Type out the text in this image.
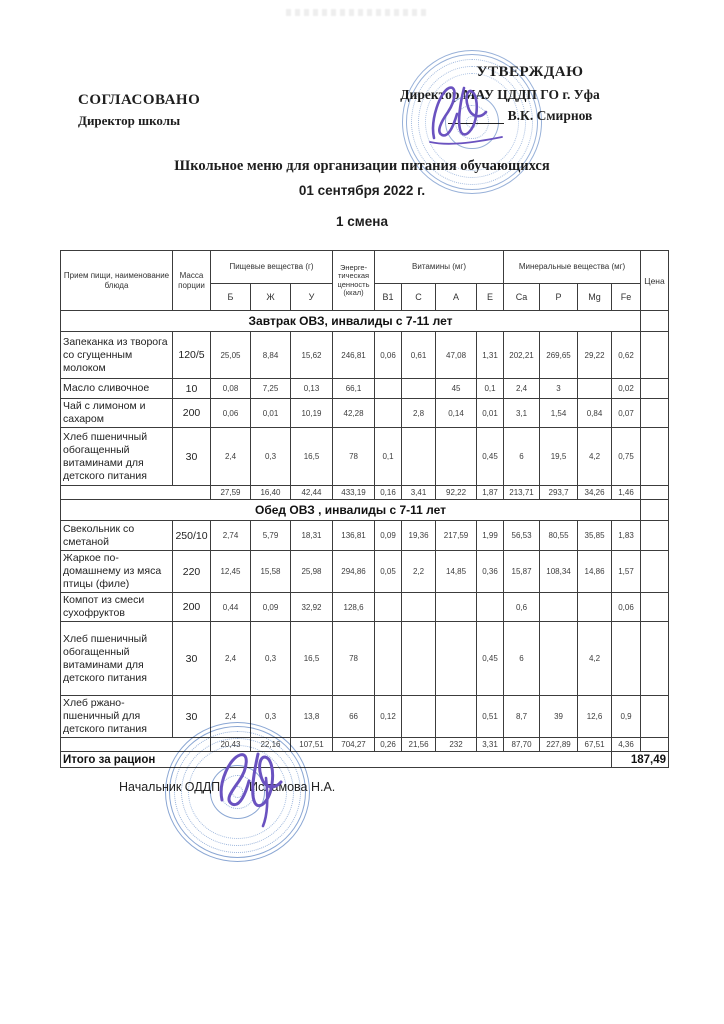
СОГЛАСОВАНО
Директор школы
УТВЕРЖДАЮ
Директор МАУ ЦДДП ГО г. Уфа
В.К. Смирнов
Школьное меню для организации питания обучающихся
01 сентября 2022 г.
1 смена
Прием пищи, наименование блюда	Масса порции	Пищевые вещества (г)			Энерге-тическая ценность (ккал)	Витамины (мг)				Минеральные вещества (мг)				Цена
		Б	Ж	У		B1	C	А	Е	Ca	P	Mg	Fe	
Завтрак ОВЗ, инвалиды с 7-11 лет														
Запеканка из творога со сгущенным молоком	120/5	25,05	8,84	15,62	246,81	0,06	0,61	47,08	1,31	202,21	269,65	29,22	0,62	
Масло сливочное	10	0,08	7,25	0,13	66,1			45	0,1	2,4	3		0,02	
Чай с лимоном и сахаром	200	0,06	0,01	10,19	42,28		2,8	0,14	0,01	3,1	1,54	0,84	0,07	
Хлеб пшеничный обогащенный витаминами для детского питания	30	2,4	0,3	16,5	78	0,1			0,45	6	19,5	4,2	0,75	
		27,59	16,40	42,44	433,19	0,16	3,41	92,22	1,87	213,71	293,7	34,26	1,46	
Обед ОВЗ , инвалиды с 7-11 лет														
Свекольник со сметаной	250/10	2,74	5,79	18,31	136,81	0,09	19,36	217,59	1,99	56,53	80,55	35,85	1,83	
Жаркое по-домашнему из мяса птицы (филе)	220	12,45	15,58	25,98	294,86	0,05	2,2	14,85	0,36	15,87	108,34	14,86	1,57	
Компот из смеси сухофруктов	200	0,44	0,09	32,92	128,6					0,6			0,06	
Хлеб пшеничный обогащенный витаминами для детского питания	30	2,4	0,3	16,5	78				0,45	6		4,2		
Хлеб ржано-пшеничный для детского питания	30	2,4	0,3	13,8	66	0,12			0,51	8,7	39	12,6	0,9	
		20,43	22,16	107,51	704,27	0,26	21,56	232	3,31	87,70	227,89	67,51	4,36	
Итого за рацион													187,49	
Начальник ОДДП Исламова Н.А.
